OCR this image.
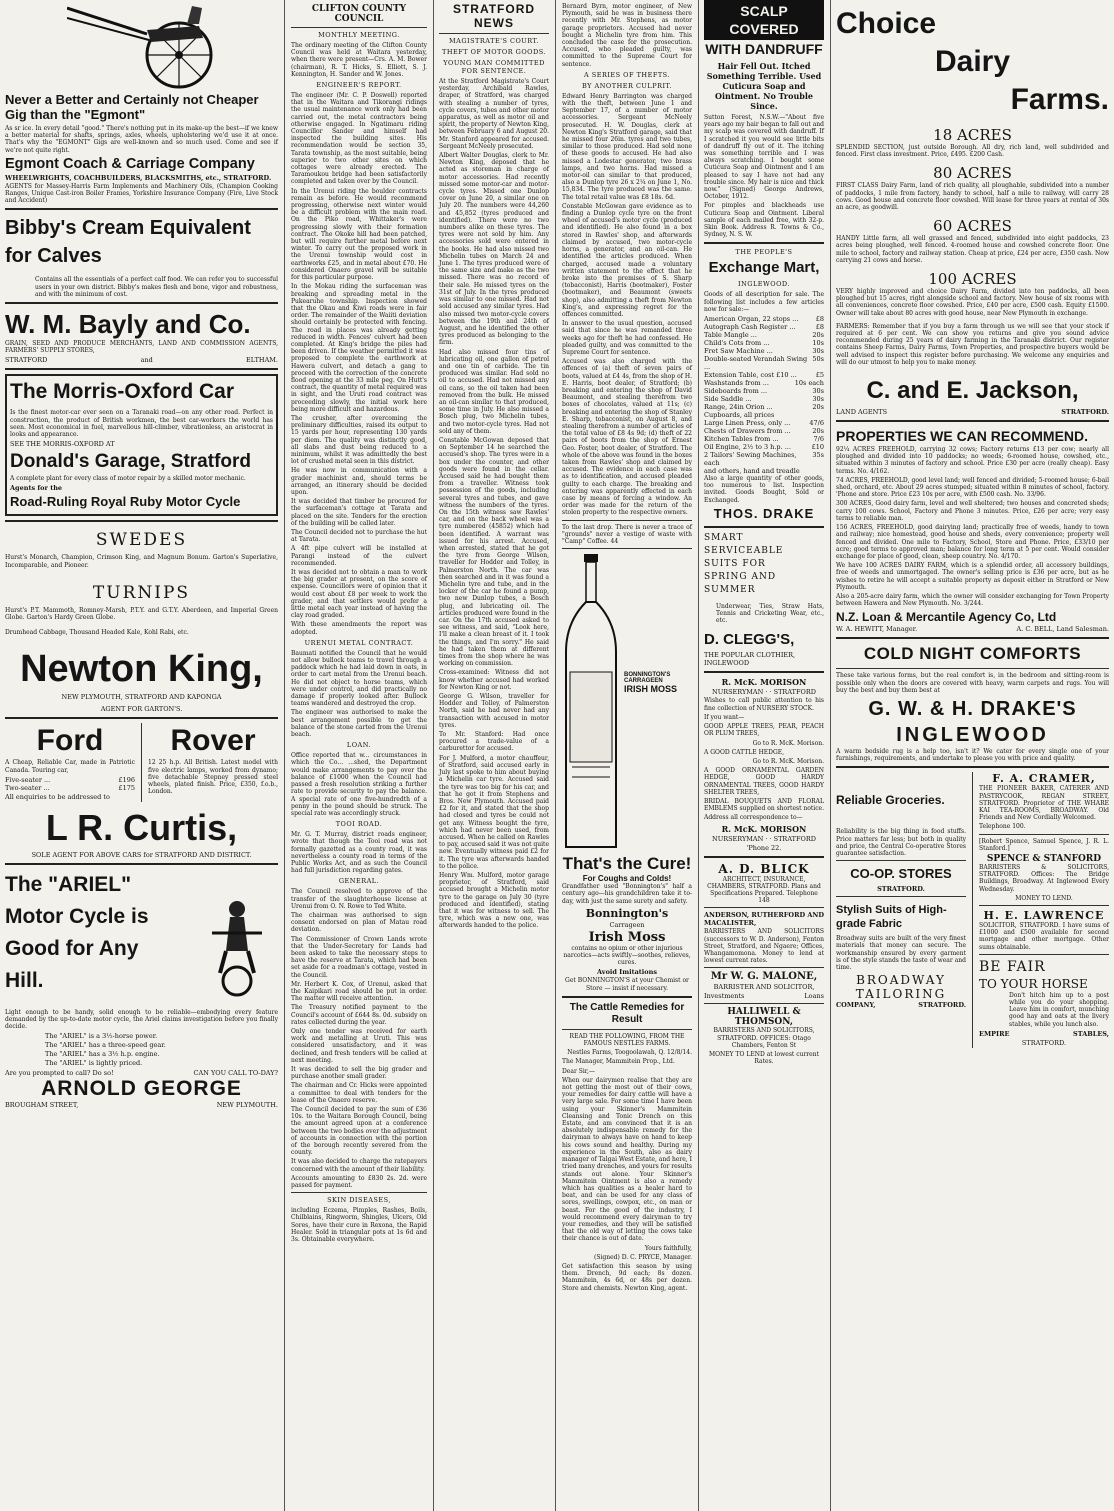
Never a Better and Certainly not Cheaper Gig than the "Egmont"

As sr ice. In every detail "good." There's nothing put in its make-up the best—if we knew a better material for shafts, springs, axles, wheels, upholstering we'd use it at once. That's why the "EGMONT" Gigs are well-known and so much used. Come and see if we're not quite right.

Egmont Coach & Carriage Company
WHEELWRIGHTS, COACHBUILDERS, BLACKSMITHS, etc., STRATFORD.

AGENTS for Massey-Harris Farm Implements and Machinery Oils, (Champion Cooking Ranges, Unique Cast-iron Boiler Frames, Yorkshire Insurance Company (Fire, Live Stock and Accident)

Bibby's Cream Equivalent for Calves

Contains all the essentials of a perfect calf food. We can refer you to successful users in your own district. Bibby's makes flesh and bone, vigor and robustness, and with the minimum of cost.

W. M. Bayly and Co.

GRAIN, SEED AND PRODUCE MERCHANTS, LAND AND COMMISSION AGENTS, FARMERS' SUPPLY STORES,

STRATFORD	and	ELTHAM.
The Morris-Oxford Car

Is the finest motor-car ever seen on a Taranaki road—on any other road. Perfect in construction, the product of British workmen, the best car-workers the world has seen. Most economical in fuel, marvellous hill-climber, vibrationless, an aristocrat in looks and appearance.

SEE THE MORRIS-OXFORD AT
Donald's Garage, Stratford

A complete plant for every class of motor repair by a skilled motor mechanic.

Agents for the
Road-Ruling Royal Ruby Motor Cycle
SWEDES

Hurst's Monarch, Champion, Crimson King, and Magnum Bonum. Garton's Superlative, Incomparable, and Pioneer.

TURNIPS

Hurst's P.T. Mammoth, Romney-Marsh, P.T.Y. and G.T.Y. Aberdeen, and Imperial Green Globe. Garton's Hardy Green Globe.

Drumhead Cabbage, Thousand Headed Kale, Kohl Rabi, etc.

Newton King,
NEW PLYMOUTH, STRATFORD AND KAPONGA
AGENT FOR GARTON'S.
Ford

A Cheap, Reliable Car, made in Patriotic Canada. Touring car,

Five-seater ...	£196
Two-seater ...	£175
All enquiries to be addressed to
Rover

12 25 h.p. All British. Latest model with five electric lamps, worked from dynamo; five detachable Stepney pressed steel wheels, plated finish. Price, £350, f.o.b., London.

L R. Curtis,
SOLE AGENT FOR ABOVE CARS for STRATFORD AND DISTRICT.
The "ARIEL"
Motor Cycle is
Good for Any
Hill.

Light enough to be handy, solid enough to be reliable—embodying every feature demanded by the up-to-date motor cycle, the Ariel claims investigation before you finally decide.

The "ARIEL" is a 3½-horse power.
The "ARIEL" has a three-speed gear.
The "ARIEL" has a 3½ h.p. engine.
The "ARIEL" is lightly priced.
Are you prompted to call? Do so!	CAN YOU CALL TO-DAY?
ARNOLD GEORGE
BROUGHAM STREET,	NEW PLYMOUTH.
CLIFTON COUNTY COUNCIL
MONTHLY MEETING.

The ordinary meeting of the Clifton County Council was held at Waitara yesterday, when there were present—Crs. A. M. Bower (chairman), R. T. Hicks, S. Elliott, S. J. Kennington, H. Sander and W. Jones.

ENGINEER'S REPORT.

The engineer (Mr. C. P. Doswell) reported that in the Waitara and Tikorangi ridings the usual maintenance work only had been carried out, the metal contractors being otherwise engaged. In Ngatimaru riding Councillor Sander and himself had inspected the building sites. His recommendation would be section 35, Tarata township, as the most suitable, being superior to two other sites on which cottages were already erected. The Taramoukou bridge had been satisfactorily completed and taken over by the Council.

In the Urenui riding the boulder contracts remain as before. He would recommend progressing, otherwise next winter would be a difficult problem with the main road. On the Piko road, Whittaker's were progressing slowly with their formation contract. The Okoke hill had been patched, but will require further metal before next winter. To carry out the proposed work in the Urenui township would cost in earthworks £25, and in metal about £70. He considered Onaero gravel will be suitable for this particular purpose.

In the Mokau riding the surfaceman was breaking and spreading metal in the Pukearuhe township. Inspection showed that the Okau and Kiwi roads were in fair order. The remainder of the Waiiti deviation should certainly be protected with fencing. The road in places was already getting reduced in width. Fences' culvert had been completed. At King's bridge the piles had been driven. If the weather permitted it was proposed to complete the earthwork at Hawera culvert, and detach a gang to proceed with the correction of the concrete flood opening at the 33 mile peg. On Hutt's contract, the quantity of metal required was in sight, and the Uruti road contract was proceeding slowly, the initial work here being more difficult and hazardous.

The crusher, after overcoming the preliminary difficulties, raised its output to 15 yards per hour, representing 130 yards per diem. The quality was distinctly good, all slabs and dust being reduced to a minimum, whilst it was admittedly the best lot of crushed metal seen in this district.

He was now in communication with a grader machinist and, should terms be arranged, an itinerary should be decided upon.

It was decided that timber be procured for the surfaceman's cottage at Tarata and placed on the site. Tenders for the erection of the building will be called later.

The Council decided not to purchase the hut at Tarata.

A 4ft pipe culvert will be installed at Parangi instead of the culvert recommended.

It was decided not to obtain a man to work the big grader at present, on the score of expense. Councillors were of opinion that it would cost about £8 per week to work the grader, and that settlers would prefer a little metal each year instead of having the clay road graded.

With these amendments the report was adopted.

URENUI METAL CONTRACT.

Baumati notified the Council that he would not allow bullock teams to travel through a paddock which he had laid down in oats, in order to cart metal from the Urenui beach. He did not object to horse teams, which were under control, and did practically no damage if properly looked after. Bullock teams wandered and destroyed the crop.

The engineer was authorised to make the best arrangement possible to get the balance of the stone carted from the Urenui beach.

LOAN.

Office reported that w... circumstances in which the Co... ...shed, the Department would make arrangements to pay over the balance of £1000 when the Council had passed a fresh resolution striking a further rate to provide security to pay the balance. A special rate of one five-hundredth of a penny in the pound should be struck. The special rate was accordingly struck.

TOOI ROAD.

Mr. G. T. Murray, district roads engineer, wrote that though the Tooi road was not formally gazetted as a county road, it was nevertheless a county road in terms of the Public Works Act, and as such the Council had full jurisdiction regarding gates.

GENERAL.

The Council resolved to approve of the transfer of the slaughterhouse license at Urenui from O. N. Rowe to Ted White.

The chairman was authorised to sign consent endorsed on plan of Matau road deviation.

The Commissioner of Crown Lands wrote that the Under-Secretary for Lands had been asked to take the necessary steps to have the reserve at Tarata, which had been set aside for a roadman's cottage, vested in the Council.

Mr. Herbert K. Cox, of Urenui, asked that the Kaipikari road should be put in order. The matter will receive attention.

The Treasury notified payment to the Council's account of £644 8s. 0d. subsidy on rates collected during the year.

Only one tender was received for earth work and metalling at Uruti. This was considered unsatisfactory, and it was declined, and fresh tenders will be called at next meeting.

It was decided to sell the big grader and purchase another small grader.

The chairman and Cr. Hicks were appointed a committee to deal with tenders for the lease of the Onaero reserve.

The Council decided to pay the sum of £36 10s. to the Waitara Borough Council, being the amount agreed upon at a conference between the two bodies over the adjustment of accounts in connection with the portion of the borough recently severed from the county.

It was also decided to charge the ratepayers concerned with the amount of their liability.

Accounts amounting to £830 2s. 2d. were passed for payment.

SKIN DISEASES,

including Eczema, Pimples, Rashes, Boils, Chilblains, Ringworm, Shingles, Ulcers, Old Sores, have their cure in Rexona, the Rapid Healer. Sold in triangular pots at 1s 6d and 3s. Obtainable everywhere.

STRATFORD NEWS
MAGISTRATE'S COURT.
THEFT OF MOTOR GOODS.
YOUNG MAN COMMITTED FOR SENTENCE.

At the Stratford Magistrate's Court yesterday, Archibald Rawles, draper, of Stratford, was charged with stealing a number of tyres, cycle covers, tubes and other motor apparatus, as well as motor oil and spirit, the property of Newton King, between February 6 and August 20. Mr. Stanford appeared for accused. Sergeant McNeely prosecuted.

Albert Walter Douglas, clerk to Mr. Newton King, deposed that he acted as storeman in charge of motor accessories. Had recently missed some motor-car and motor-cycle tyres. Missed one Dunlop cover on June 20, a similar one on July 20. The numbers were 44,260 and 45,852 (tyres produced and identified). There were no two numbers alike on these tyres. The tyres were not sold by him. Any accessories sold were entered in the books. He had also missed two Michelin tubes on March 24 and June 1. The tyres produced were of the same size and make as the two missed. There was no record of their sale. He missed tyres on the 31st of July. In the tyres produced was similar to one missed. Had not sold accused any similar tyres. Had also missed two motor-cycle covers between the 19th and 24th of August, and he identified the other tyres produced as belonging to the firm.

Had also missed four tins of lubricating oil, one gallon of petrol and one tin of carbide. The tin produced was similar. Had sold no oil to accused. Had not missed any oil cans, so the oil taken had been removed from the bulk. He missed an oil-can similar to that produced, some time in July. He also missed a Bosch plug, two Michelin tubes, and two motor-cycle tyres. Had not sold any of them.

Constable McGowan deposed that on September 14 he searched the accused's shop. The tyres were in a box under the counter, and other goods were found in the cellar. Accused said he had bought them from a traveller. Witness took possession of the goods, including several tyres and tubes, and gave witness the numbers of the tyres. On the 15th witness saw Rawles' car, and on the back wheel was a tyre numbered (45852) which had been identified. A warrant was issued for his arrest. Accused, when arrested, stated that he got the tyre from George Wilson, traveller for Hodder and Tolley, in Palmerston North. The car was then searched and in it was found a Michelin tyre and tube, and in the locker of the car he found a pump, two new Dunlop tubes, a Bosch plug, and lubricating oil. The articles produced were found in the car. On the 17th accused asked to see witness, and said, "Look here, I'll make a clean breast of it. I took the things, and I'm sorry." He said he had taken them at different times from the shop where he was working on commission.

Cross-examined: Witness did not know whether accused had worked for Newton King or not.

George G. Wilson, traveller for Hodder and Tolley, of Palmerston North, said he had never had any transaction with accused in motor tyres.

To Mr. Stanford: Had once procured a trade-value of a carburettor for accused.

For J. Mulford, a motor chauffeur, of Stratford, said accused early in July last spoke to him about buying a Michelin car tyre. Accused said the tyre was too big for his car, and that he got it from Stephens and Bros. New Plymouth. Accused paid £2 for it, and stated that the shop had closed and tyres be could not get any. Witness bought the tyre, which had never been used, from accused. When he called on Rawles to pay, accused said it was not quite new. Eventually witness paid £2 for it. The tyre was afterwards handed to the police.

Henry Wm. Mulford, motor garage proprietor, of Stratford, said accused brought a Michelin motor tyre to the garage on July 30 (tyre produced and identified), stating that it was for witness to sell. The tyre, which was a new one, was afterwards handed to the police.

Bernard Byrn, motor engineer, of New Plymouth, said he was in business there recently with Mr. Stephens, as motor garage proprietors. Accused had never bought a Michelin tyre from him. This concluded the case for the prosecution. Accused, who pleaded guilty, was committed to the Supreme Court for sentence.

A SERIES OF THEFTS.
BY ANOTHER CULPRIT.

Edward Henry Barrington was charged with the theft, between June 1 and September 17, of a number of motor accessories. Sergeant McNeely prosecuted. H. W. Douglas, clerk at Newton King's Stratford garage, said that he missed four 26in. tyres and two tubes, similar to those produced. Had sold none of these goods to accused. He had also missed a Lodestar generator, two brass lamps, and two horns. Had missed a motor-oil can similar to that produced, also a Dunlop tyre 26 x 2¼ on June 1, No. 15,834. The tyre produced was the same. The total retail value was £8 18s. 6d.

Constable McGowan gave evidence as to finding a Dunlop cycle tyre on the front wheel of accused's motor cycle (produced and identified). He also found in a box stored in Rawles' shop, and afterwards claimed by accused, two motor-cycle horns, a generator, and an oil-can. He identified the articles produced. When charged, accused made a voluntary written statement to the effect that he broke into the premises of S. Sharp (tobacconist), Harris (bootmaker), Foster (bootmaker), and Beaumont (sweets shop), also admitting a theft from Newton King's, and expressing regret for the offences committed.

In answer to the usual question, accused said that since he was remanded three weeks ago for theft he had confessed. He pleaded guilty, and was committed to the Supreme Court for sentence.

Accused was also charged with the offences of (a) theft of seven pairs of boots, valued at £4 4s, from the shop of H. E. Harris, boot dealer, of Stratford; (b) breaking and entering the shop of David Beaumont, and stealing therefrom two boxes of chocolates, valued at 11s; (c) breaking and entering the shop of Stanley E. Sharp, tobacconist, on August 8, and stealing therefrom a number of articles of the total value of £8 4s 9d; (d) theft of 22 pairs of boots from the shop of Ernest Geo. Foster, boot dealer, of Stratford. The whole of the above was found in the boxes taken from Rawles' shop and claimed by accused. The evidence in each case was as to identification, and accused pleaded guilty to each charge. The breaking and entering was apparently effected in each case by means of forcing a window. An order was made for the return of the stolen property to the respective owners.

To the last drop. There is never a trace of "grounds" never a vestige of waste with "Camp" Coffee. 44

BONNINGTON'S
CARRAGEEN
IRISH MOSS
That's the Cure!
For Coughs and Colds!

Grandfather used "Bonnington's" half a century ago—his grandchildren take it to-day, with just the same surety and safety.

Bonnington's
Carrageen
Irish Moss

contains no opium or other injurious narcotics—acts swiftly—soothes, relieves, cures.

Avoid Imitations

Get BONNINGTON'S at your Chemist or Store — insist if necessary.

The Cattle Remedies for Result

READ THE FOLLOWING, FROM THE FAMOUS NESTLES FARMS.

Nestles Farms, Toogoolawah, Q. 12/8/14.

The Manager, Mammitein Prop., Ltd.

Dear Sir,—

When our dairymen realise that they are not getting the most out of their cows, your remedies for dairy cattle will have a very large sale. For some time I have been using your Skinner's Mammitein Cleansing and Tonic Drench on this Estate, and am convinced that it is an absolutely indispensable remedy for the dairyman to always have on hand to keep his cows sound and healthy. During my experience in the South, also as dairy manager of Talgai West Estate, and here, I tried many drenches, and yours for results stands out alone. Your Skinner's Mammitein Ointment is also a remedy which has qualities as a healer hard to beat, and can be used for any class of sores, swellings, cowpox, etc., on man or beast. For the good of the industry, I would recommend every dairyman to try your remedies, and they will be satisfied that the old way of letting the cows take their chance is out of date.

Yours faithfully,

(Signed) D. C. PRYCE, Manager.

Get satisfaction this season by using them. Drench, 9d each; 8s dozen. Mammitein, 4s 6d, or 48s per dozen. Store and chemists. Newton King, agent.

SCALP COVERED
WITH DANDRUFF
Hair Fell Out. Itched Something Terrible. Used Cuticura Soap and Ointment. No Trouble Since.

Sutton Forest, N.S.W.—"About five years ago my hair began to fall out and my scalp was covered with dandruff. If I scratched it you would see little bits of dandruff fly out of it. The itching was something terrible and I was always scratching. I bought some Cuticura Soap and Ointment and I am pleased to say I have not had any trouble since. My hair is nice and thick now." (Signed) George Andrews, October, 1912.

For pimples and blackheads use Cuticura Soap and Ointment. Liberal sample of each mailed free, with 32-p. Skin Book. Address R. Towns & Co., Sydney, N. S. W.

THE PEOPLE'S
Exchange Mart,
INGLEWOOD.

Goods of all description for sale. The following list includes a few articles now for sale:—

American Organ, 22 stops ...	£8
Autograph Cash Register ...	£8
Table Mangle ...	20s
Child's Cots from ...	10s
Fret Saw Machine ...	30s
Double-seated Verandah Swing ...
50s
Extension Table, cost £10 ...	£5
Washstands from ...	10s each
Sideboards from ...	30s
Side Saddle ...	30s
Range, 24in Orion ...	20s
Cupboards, all prices
Large Linen Press, only ...	47/6
Chests of Drawers from ...	20s
Kitchen Tables from ...	7/6
Oil Engine, 2½ to 3 h.p. ...	£10
2 Tailors' Sewing Machines, each
35s
and others, hand and treadle

Also a large quantity of other goods, too numerous to list. Inspection invited. Goods Bought, Sold or Exchanged.

THOS. DRAKE
SMART
SERVICEABLE
SUITS FOR
SPRING AND
SUMMER

Underwear, Ties, Straw Hats, Tennis and Cricketing Wear, etc., etc.

D. CLEGG'S,
THE POPULAR CLOTHIER, INGLEWOOD
R. McK. MORISON
NURSERYMAN · · STRATFORD

Wishes to call public attention to his fine collection of NURSERY STOCK.

If you want—

GOOD APPLE TREES, PEAR, PEACH OR PLUM TREES,

Go to R. McK. Morison.

A GOOD CATTLE HEDGE,

Go to R. McK. Morison.

A GOOD ORNAMENTAL GARDEN HEDGE, GOOD HARDY ORNAMENTAL TREES, GOOD HARDY SHELTER TREES,

BRIDAL BOUQUETS AND FLORAL EMBLEMS supplied on shortest notice.

Address all correspondence to—

R. McK. MORISON
NURSERYMAN · · STRATFORD
'Phone 22.
A. D. BLICK

ARCHITECT, INSURANCE, CHAMBERS, STRATFORD. Plans and Specifications Prepared. Telephone 148

ANDERSON, RUTHERFORD AND MACALISTER,

BARRISTERS AND SOLICITORS (successors to W. D. Anderson), Fenton Street, Stratford, and Ngaere; Offices, Whangamomona. Money to lend at lowest current rates.

Mr W. G. MALONE,
BARRISTER AND SOLICITOR,
Investments	Loans
HALLIWELL & THOMSON,

BARRISTERS AND SOLICITORS, STRATFORD. OFFICES: Otago Chambers, Fenton St

MONEY TO LEND at lowest current Rates.

Choice
Dairy
Farms.
18 ACRES

SPLENDID SECTION, just outside Borough. All dry, rich land, well subdivided and fenced. First class investment. Price, £495. £200 Cash.

80 ACRES

FIRST CLASS Dairy Farm, land of rich quality, all ploughable, subdivided into a number of paddocks, 1 mile from factory, handy to school, half a mile to railway, will carry 28 cows. Good house and concrete floor cowshed. Will lease for three years at rental of 30s an acre, as goodwill.

60 ACRES

HANDY Little farm, all well grassed and fenced, subdivided into eight paddocks, 23 acres being ploughed, well fenced. 4-roomed house and cowshed concrete floor. One mile to school, factory and railway station. Cheap at price, £24 per acre, £350 cash. Now carrying 21 cows and horse.

100 ACRES

VERY highly improved and choice Dairy Farm, divided into ten paddocks, all been ploughed but 15 acres, right alongside school and factory. New house of six rooms with all conveniences, concrete floor cowshed. Price, £40 per acre, £500 cash. Equity £1500. Owner will take about 80 acres with good house, near New Plymouth in exchange.

FARMERS: Remember that if you buy a farm through us we will see that your stock if required at 6 per cent. We can show you returns and give you sound advice recommended during 25 years of dairy farming in the Taranaki district. Our register contains Sheep Farms, Dairy Farms, Town Properties, and prospective buyers would be well advised to inspect this register before purchasing. We welcome any enquiries and will do our utmost to help you to make money.

C. and E. Jackson,
LAND AGENTS	STRATFORD.
PROPERTIES WE CAN RECOMMEND.

92¼ ACRES FREEHOLD, carrying 32 cows; Factory returns £13 per cow; nearly all ploughed and divided into 10 paddocks; no weeds; 6-roomed house, cowshed, etc., situated within 3 minutes of factory and school. Price £30 per acre (really cheap). Easy terms. No. 4/162.

74 ACRES, FREEHOLD, good level land; well fenced and divided; 5-roomed house; 6-bail shed, orchard, etc. About 29 acres stumped; situated within 8 minutes of school, factory. 'Phone and store. Price £23 10s per acre, with £500 cash. No. 33/96.

300 ACRES, Good dairy farm, level and well sheltered; two houses and concreted sheds; carry 100 cows. School, Factory and Phone 3 minutes. Price, £26 per acre; very easy terms to reliable man.

156 ACRES, FREEHOLD, good dairying land; practically free of weeds, handy to town and railway; nice homestead, good house and sheds, every convenience; property well fenced and divided. One mile to Factory, School, Store and Phone. Price, £33/10 per acre; good terms to approved man; balance for long term at 5 per cent. Would consider exchange for place of good, clean, sheep country. No. 4/170.

We have 100 ACRES DAIRY FARM, which is a splendid order, all accessory buildings, free of weeds and unmortgaged. The owner's selling price is £36 per acre, but as he wishes to retire he will accept a suitable property as deposit either in Stratford or New Plymouth.

Also a 205-acre dairy farm, which the owner will consider exchanging for Town Property between Hawera and New Plymouth. No. 3/244.

N.Z. Loan & Mercantile Agency Co, Ltd
W. A. HEWITT, Manager.	A. C. BELL, Land Salesman.
COLD NIGHT COMFORTS

These take various forms, but the real comfort is, in the bedroom and sitting-room is possible only when the doors are covered with heavy, warm carpets and rugs. You will buy the best and buy them best at

G. W. & H. DRAKE'S
INGLEWOOD

A warm bedside rug is a help too, isn't it? We cater for every single one of your furnishings, requirements, and undertake to please you with price and quality.

Reliable Groceries.

Reliability is the big thing in food stuffs. Price matters far less; but both in quality and price, the Central Co-operative Stores guarantee satisfaction.

CO-OP. STORES
STRATFORD.
Stylish Suits of High-grade Fabric

Broadway suits are built of the very finest materials that money can secure. The workmanship ensured by every garment is of the style stands the taste of wear and time.

BROADWAY
TAILORING
COMPANY,	STRATFORD.
F. A. CRAMER,

THE PIONEER BAKER, CATERER AND PASTRYCOOK, REGAN STREET, STRATFORD. Proprietor of THE WHARE KAI TEA-ROOMS, BROADWAY. Old Friends and New Cordially Welcomed.

Telephone 100.

[Robert Spence, Samuel Spence, J. R. L. Stanford.]

SPENCE & STANFORD

BARRISTERS & SOLICITORS, STRATFORD. Offices: The Bridge Buildings, Broadway. At Inglewood Every Wednesday.

MONEY TO LEND.

H. E. LAWRENCE

SOLICITOR, STRATFORD. I have sums of £1000 and £500 available for second mortgage and other mortgage. Other sums obtainable.

BE FAIR
TO YOUR HORSE

Don't hitch him up to a post while you do your shopping. Leave him in comfort, munching good hay and oats at the livery stables, while you lunch also.

EMPIRE	STABLES,
STRATFORD.
